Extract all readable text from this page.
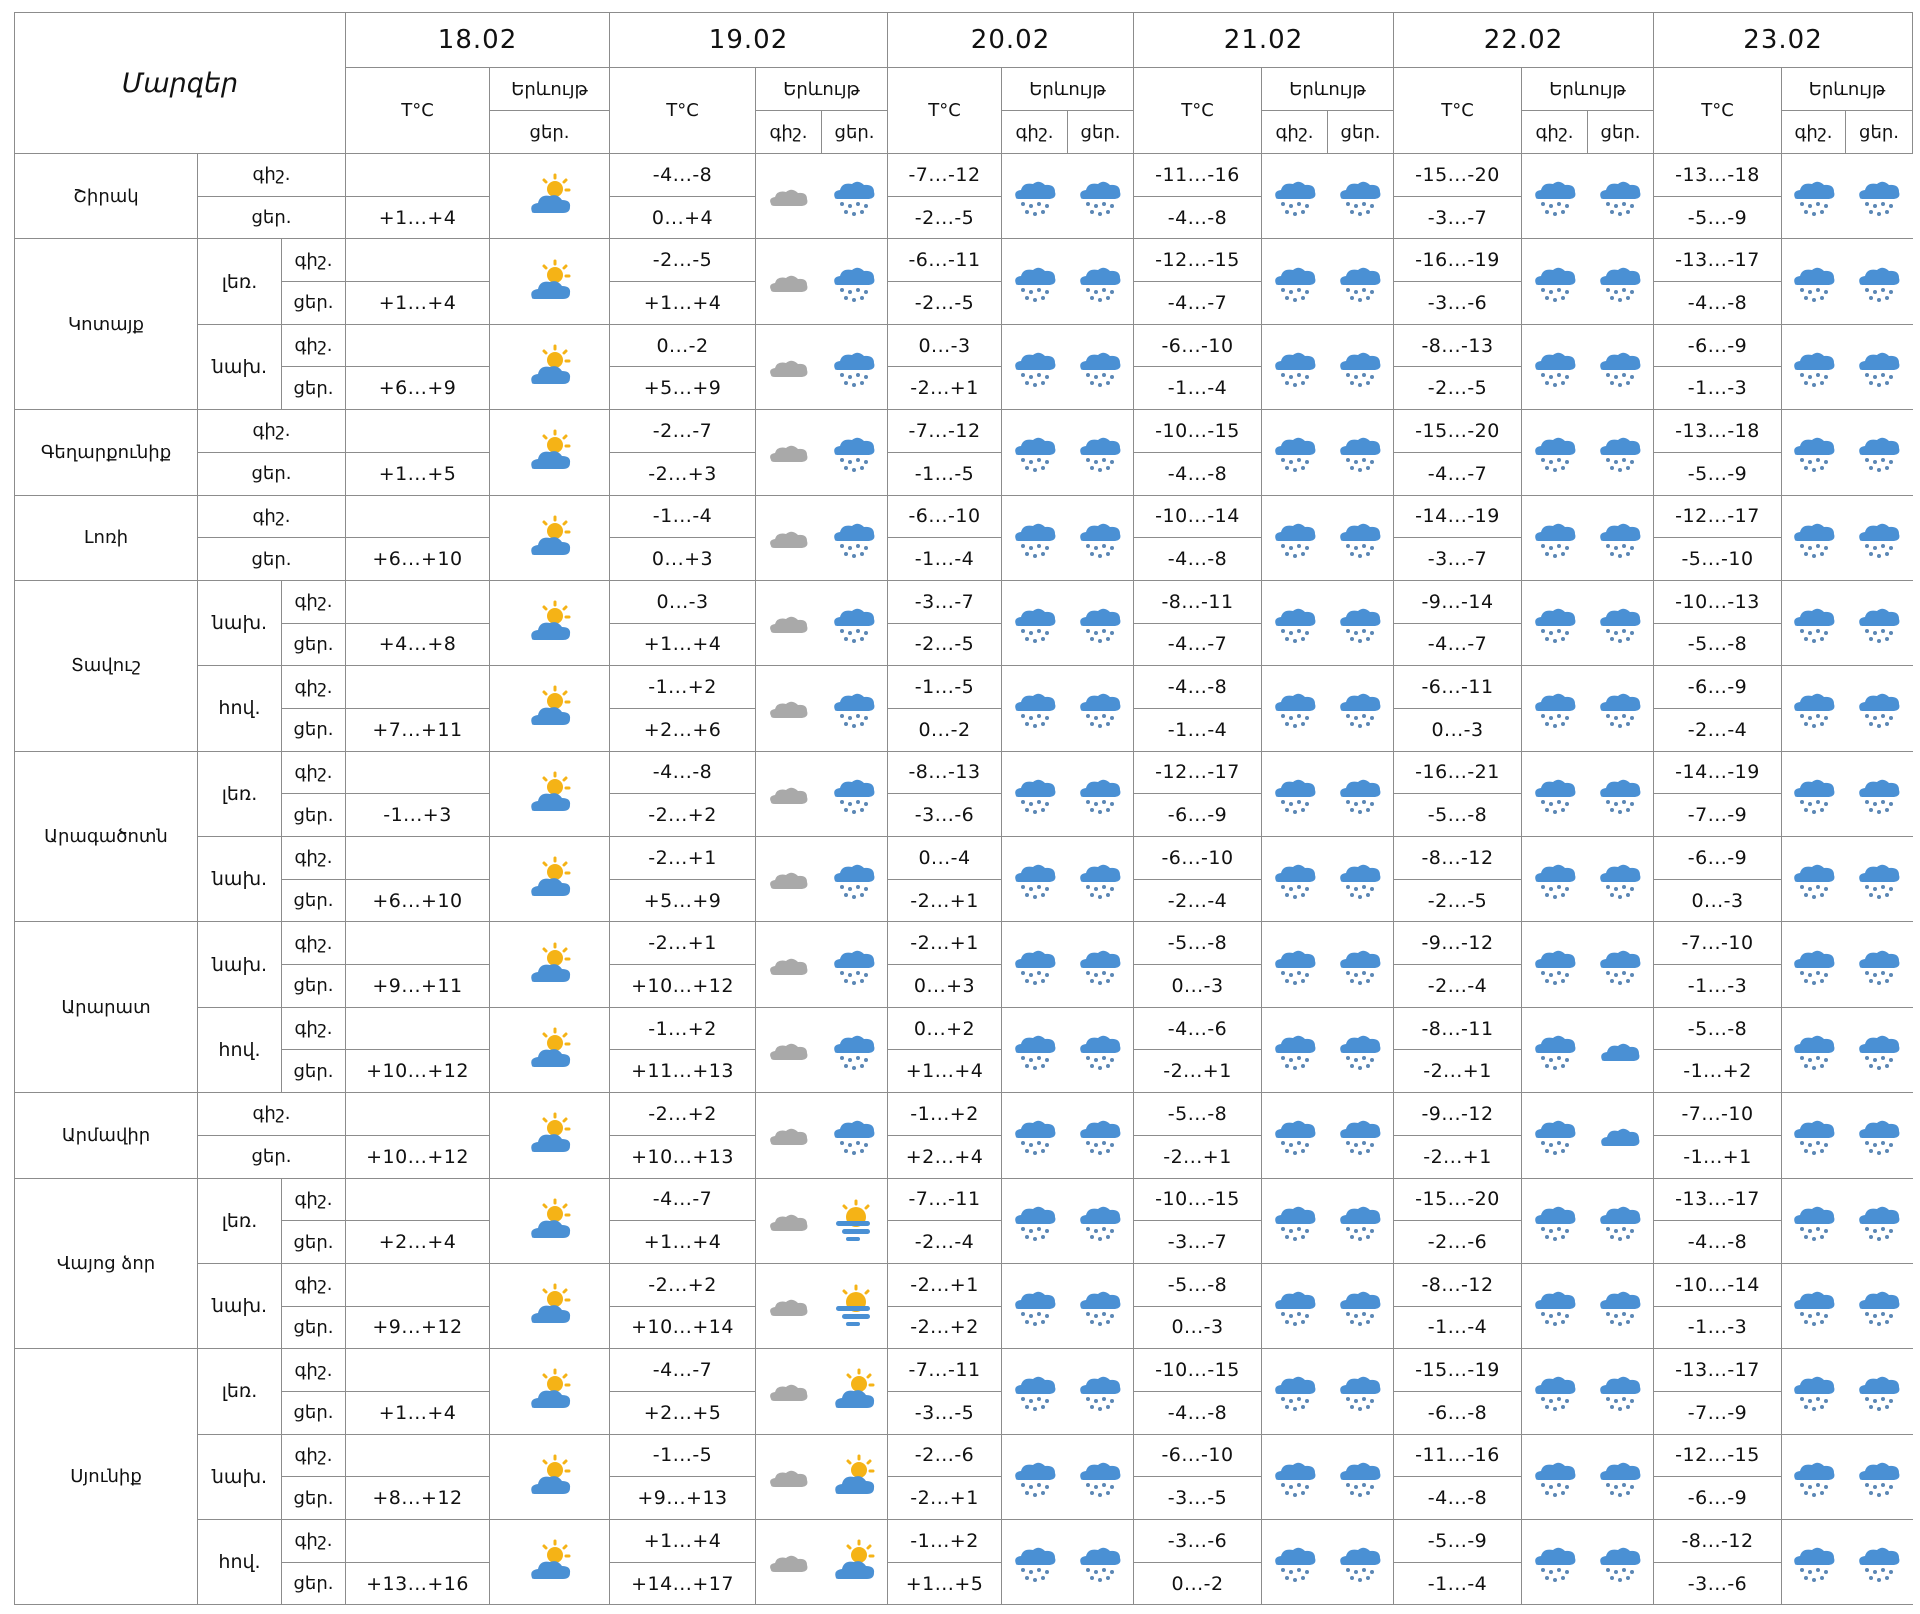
Մարզեր			18.02		19.02			20.02			21.02			22.02			23.02		
			T°C	Երևույթ	T°C	Երևույթ		T°C	Երևույթ		T°C	Երևույթ		T°C	Երևույթ		T°C	Երևույթ	
				ցեր.		գիշ.	ցեր.		գիշ.	ցեր.		գիշ.	ցեր.		գիշ.	ցեր.		գիշ.	ցեր.
Շիրակ	գիշ.				-4...-8			-7...-12			-11...-16			-15...-20			-13...-18	

	ցեր.		+1...+4		0...+4			-2...-5			-4...-8			-3...-7			-5...-9		
Կոտայք	լեռ.	գիշ.			-2...-5			-6...-11			-12...-15			-16...-19			-13...-17	

		ցեր.	+1...+4		+1...+4			-2...-5			-4...-7			-3...-6			-4...-8		
	նախ.	գիշ.			0...-2			0...-3			-6...-10			-8...-13			-6...-9	

		ցեր.	+6...+9		+5...+9			-2...+1			-1...-4			-2...-5			-1...-3		
Գեղարքունիք	գիշ.				-2...-7			-7...-12			-10...-15			-15...-20			-13...-18	

	ցեր.		+1...+5		-2...+3			-1...-5			-4...-8			-4...-7			-5...-9		
Լոռի	գիշ.				-1...-4			-6...-10			-10...-14			-14...-19			-12...-17	

	ցեր.		+6...+10		0...+3			-1...-4			-4...-8			-3...-7			-5...-10		
Տավուշ	նախ.	գիշ.			0...-3			-3...-7			-8...-11			-9...-14			-10...-13	

		ցեր.	+4...+8		+1...+4			-2...-5			-4...-7			-4...-7			-5...-8		
	հով.	գիշ.			-1...+2			-1...-5			-4...-8			-6...-11			-6...-9	

		ցեր.	+7...+11		+2...+6			0...-2			-1...-4			0...-3			-2...-4		
Արագածոտն	լեռ.	գիշ.			-4...-8			-8...-13			-12...-17			-16...-21			-14...-19	

		ցեր.	-1...+3		-2...+2			-3...-6			-6...-9			-5...-8			-7...-9		
	նախ.	գիշ.			-2...+1			0...-4			-6...-10			-8...-12			-6...-9	

		ցեր.	+6...+10		+5...+9			-2...+1			-2...-4			-2...-5			0...-3		
Արարատ	նախ.	գիշ.			-2...+1			-2...+1			-5...-8			-9...-12			-7...-10	

		ցեր.	+9...+11		+10...+12			0...+3			0...-3			-2...-4			-1...-3		
	հով.	գիշ.			-1...+2			0...+2			-4...-6			-8...-11			-5...-8	

		ցեր.	+10...+12		+11...+13			+1...+4			-2...+1			-2...+1			-1...+2		
Արմավիր	գիշ.				-2...+2			-1...+2			-5...-8			-9...-12			-7...-10	

	ցեր.		+10...+12		+10...+13			+2...+4			-2...+1			-2...+1			-1...+1		
Վայոց ձոր	լեռ.	գիշ.			-4...-7			-7...-11			-10...-15			-15...-20			-13...-17	

		ցեր.	+2...+4		+1...+4			-2...-4			-3...-7			-2...-6			-4...-8		
	նախ.	գիշ.			-2...+2			-2...+1			-5...-8			-8...-12			-10...-14	

		ցեր.	+9...+12		+10...+14			-2...+2			0...-3			-1...-4			-1...-3		
Սյունիք	լեռ.	գիշ.			-4...-7			-7...-11			-10...-15			-15...-19			-13...-17	

		ցեր.	+1...+4		+2...+5			-3...-5			-4...-8			-6...-8			-7...-9		
	նախ.	գիշ.			-1...-5			-2...-6			-6...-10			-11...-16			-12...-15	

		ցեր.	+8...+12		+9...+13			-2...+1			-3...-5			-4...-8			-6...-9		
	հով.	գիշ.			+1...+4			-1...+2			-3...-6			-5...-9			-8...-12	

		ցեր.	+13...+16		+14...+17			+1...+5			0...-2			-1...-4			-3...-6		
